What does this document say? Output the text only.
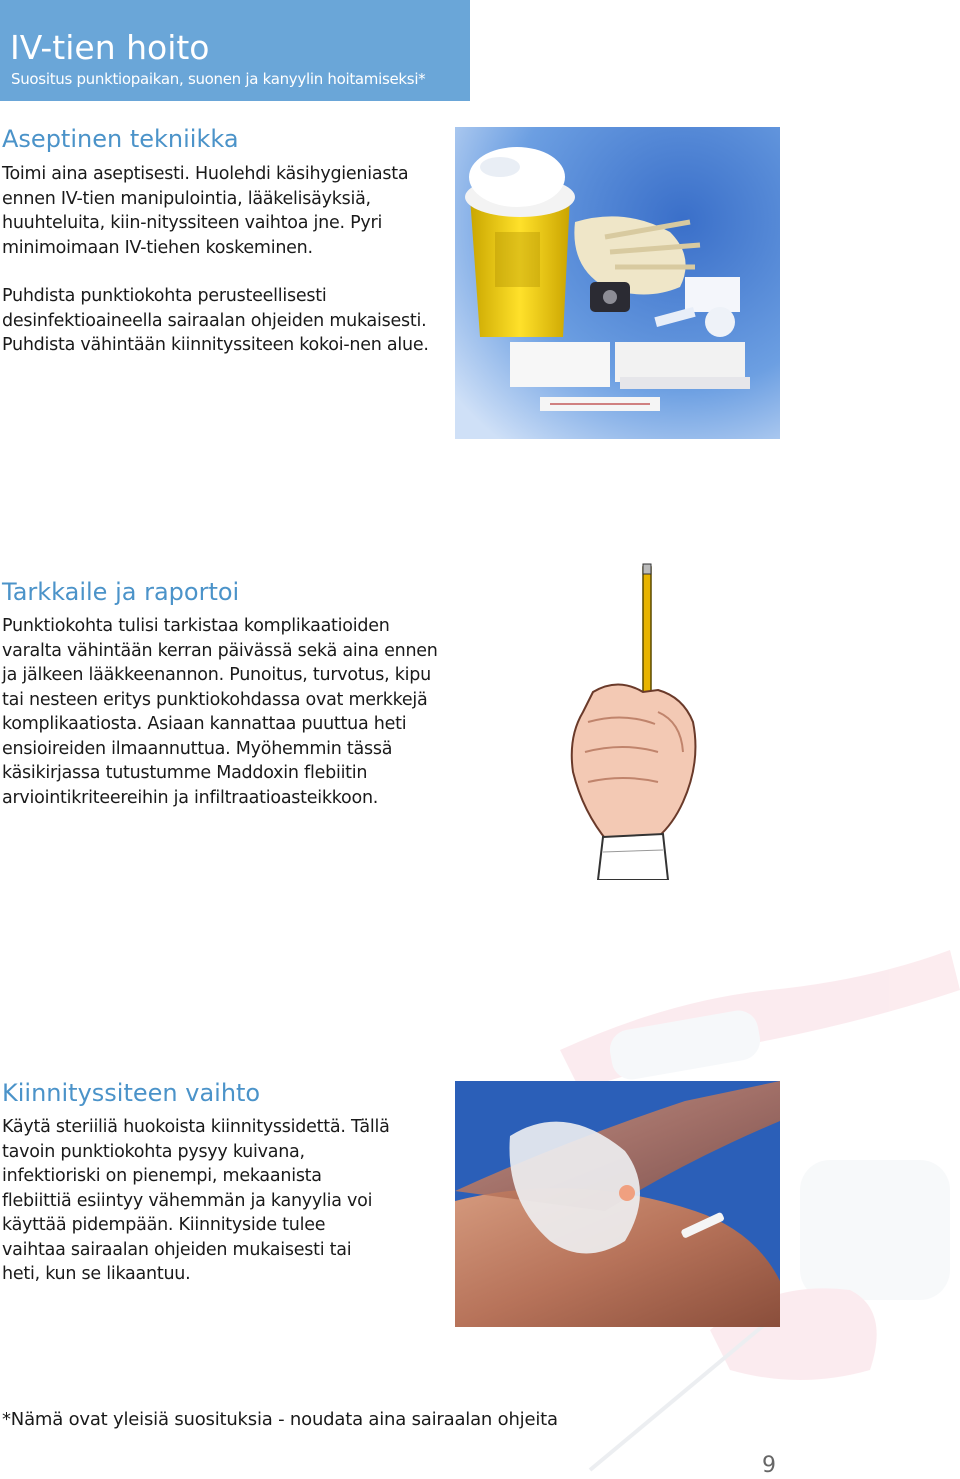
IV-tien hoito
Suositus punktiopaikan, suonen ja kanyylin hoitamiseksi*
Aseptinen tekniikka

Toimi aina aseptisesti. Huolehdi käsihygieniasta ennen IV-tien manipulointia, lääkelisäyksiä, huuhteluita, kiin-nityssiteen vaihtoa jne. Pyri minimoimaan IV-tiehen koskeminen.

Puhdista punktiokohta perusteellisesti desinfektioaineella sairaalan ohjeiden mukaisesti. Puhdista vähintään kiinnityssiteen kokoi-nen alue.

Tarkkaile ja raportoi

Punktiokohta tulisi tarkistaa komplikaatioiden varalta vähintään kerran päivässä sekä aina ennen ja jälkeen lääkkeenannon. Punoitus, turvotus, kipu tai nesteen eritys punktiokohdassa ovat merkkejä komplikaatiosta. Asiaan kannattaa puuttua heti ensioireiden ilmaannuttua. Myöhemmin tässä käsikirjassa tutustumme Maddoxin flebiitin arviointikriteereihin ja infiltraatioasteikkoon.

Kiinnityssiteen vaihto

Käytä steriiliä huokoista kiinnityssidettä. Tällä tavoin punktiokohta pysyy kuivana, infektioriski on pienempi, mekaanista flebiittiä esiintyy vähemmän ja kanyylia voi käyttää pidempään. Kiinnityside tulee vaihtaa sairaalan ohjeiden mukaisesti tai heti, kun se likaantuu.

*Nämä ovat yleisiä suosituksia - noudata aina sairaalan ohjeita
9
